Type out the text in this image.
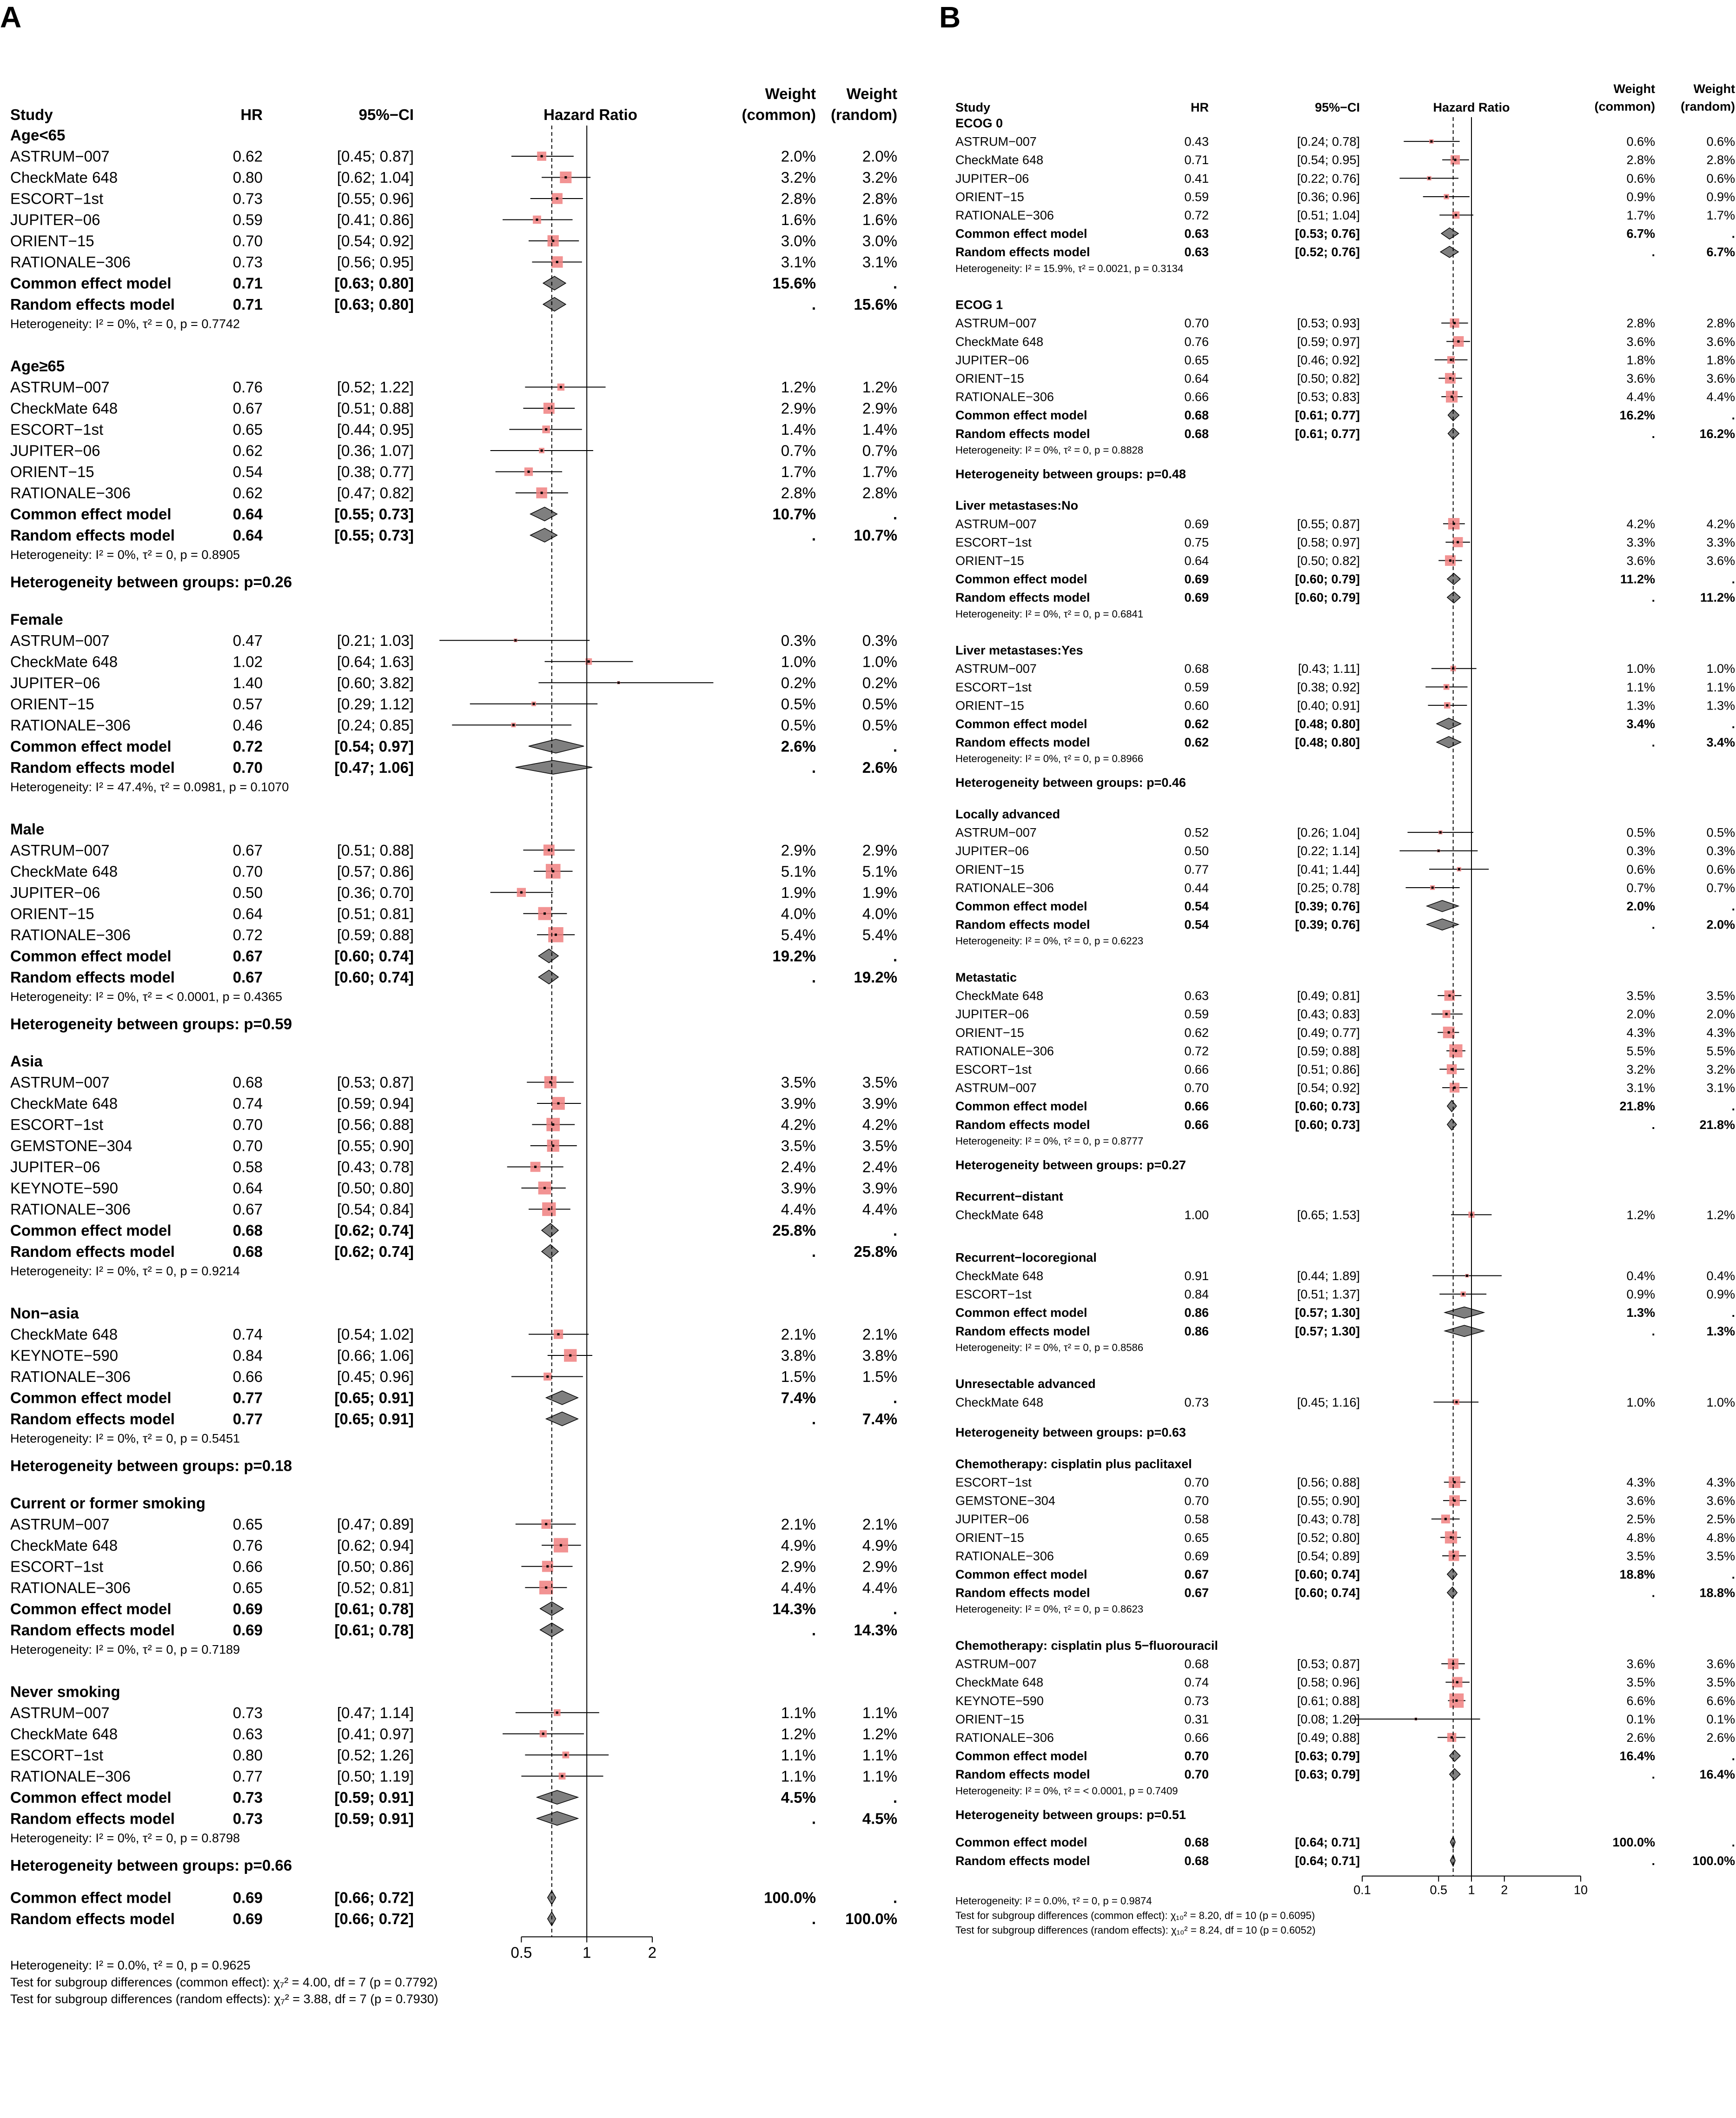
A
Study	HR	95%−CI	Hazard Ratio
Weight
(common)
Weight
(random)
Age<65
ASTRUM−007	0.62	[0.45; 0.87]	2.0%	2.0%
CheckMate 648	0.80	[0.62; 1.04]	3.2%	3.2%
ESCORT−1st	0.73	[0.55; 0.96]	2.8%	2.8%
JUPITER−06	0.59	[0.41; 0.86]	1.6%	1.6%
ORIENT−15	0.70	[0.54; 0.92]	3.0%	3.0%
RATIONALE−306	0.73	[0.56; 0.95]	3.1%	3.1%
Common effect model	0.71	[0.63; 0.80]	15.6%	.
Random effects model	0.71	[0.63; 0.80]	. 15.6%
Heterogeneity: I² = 0%, τ² = 0, p = 0.7742
Age≥65
ASTRUM−007	0.76	[0.52; 1.22]	1.2%	1.2%
CheckMate 648	0.67	[0.51; 0.88]	2.9%	2.9%
ESCORT−1st	0.65	[0.44; 0.95]	1.4%	1.4%
JUPITER−06	0.62	[0.36; 1.07]	0.7%	0.7%
ORIENT−15	0.54	[0.38; 0.77]	1.7%	1.7%
RATIONALE−306	0.62	[0.47; 0.82]	2.8%	2.8%
Common effect model	0.64	[0.55; 0.73]	10.7%	.
Random effects model	0.64	[0.55; 0.73]	. 10.7%
Heterogeneity: I² = 0%, τ² = 0, p = 0.8905
Heterogeneity between groups: p=0.26
Female
ASTRUM−007	0.47	[0.21; 1.03]	0.3%	0.3%
CheckMate 648	1.02	[0.64; 1.63]	1.0%	1.0%
JUPITER−06	1.40	[0.60; 3.82]	0.2%	0.2%
ORIENT−15	0.57	[0.29; 1.12]	0.5%	0.5%
RATIONALE−306	0.46	[0.24; 0.85]	0.5%	0.5%
Common effect model	0.72	[0.54; 0.97]	2.6%	.
Random effects model	0.70	[0.47; 1.06]	.	2.6%
Heterogeneity: I² = 47.4%, τ² = 0.0981, p = 0.1070
Male
ASTRUM−007	0.67	[0.51; 0.88]	2.9%	2.9%
CheckMate 648	0.70	[0.57; 0.86]	5.1%	5.1%
JUPITER−06	0.50	[0.36; 0.70]	1.9%	1.9%
ORIENT−15	0.64	[0.51; 0.81]	4.0%	4.0%
RATIONALE−306	0.72	[0.59; 0.88]	5.4%	5.4%
Common effect model	0.67	[0.60; 0.74]	19.2%	.
Random effects model	0.67	[0.60; 0.74]	. 19.2%
Heterogeneity: I² = 0%, τ² = < 0.0001, p = 0.4365
Heterogeneity between groups: p=0.59
Asia
ASTRUM−007	0.68	[0.53; 0.87]	3.5%	3.5%
CheckMate 648	0.74	[0.59; 0.94]	3.9%	3.9%
ESCORT−1st	0.70	[0.56; 0.88]	4.2%	4.2%
GEMSTONE−304	0.70	[0.55; 0.90]	3.5%	3.5%
JUPITER−06	0.58	[0.43; 0.78]	2.4%	2.4%
KEYNOTE−590	0.64	[0.50; 0.80]	3.9%	3.9%
RATIONALE−306	0.67	[0.54; 0.84]	4.4%	4.4%
Common effect model	0.68	[0.62; 0.74]	25.8%	.
Random effects model	0.68	[0.62; 0.74]	. 25.8%
Heterogeneity: I² = 0%, τ² = 0, p = 0.9214
Non−asia
CheckMate 648	0.74	[0.54; 1.02]	2.1%	2.1%
KEYNOTE−590	0.84	[0.66; 1.06]	3.8%	3.8%
RATIONALE−306	0.66	[0.45; 0.96]	1.5%	1.5%
Common effect model	0.77	[0.65; 0.91]	7.4%	.
Random effects model	0.77	[0.65; 0.91]	.	7.4%
Heterogeneity: I² = 0%, τ² = 0, p = 0.5451
Heterogeneity between groups: p=0.18
Current or former smoking
ASTRUM−007	0.65	[0.47; 0.89]	2.1%	2.1%
CheckMate 648	0.76	[0.62; 0.94]	4.9%	4.9%
ESCORT−1st	0.66	[0.50; 0.86]	2.9%	2.9%
RATIONALE−306	0.65	[0.52; 0.81]	4.4%	4.4%
Common effect model	0.69	[0.61; 0.78]	14.3%	.
Random effects model	0.69	[0.61; 0.78]	. 14.3%
Heterogeneity: I² = 0%, τ² = 0, p = 0.7189
Never smoking
ASTRUM−007	0.73	[0.47; 1.14]	1.1%	1.1%
CheckMate 648	0.63	[0.41; 0.97]	1.2%	1.2%
ESCORT−1st	0.80	[0.52; 1.26]	1.1%	1.1%
RATIONALE−306	0.77	[0.50; 1.19]	1.1%	1.1%
Common effect model	0.73	[0.59; 0.91]	4.5%	.
Random effects model	0.73	[0.59; 0.91]	.	4.5%
Heterogeneity: I² = 0%, τ² = 0, p = 0.8798
Heterogeneity between groups: p=0.66
Common effect model	0.69	[0.66; 0.72]	100.0%	.
Random effects model	0.69	[0.66; 0.72]	. 100.0%
0.5	1	2
Heterogeneity: I² = 0.0%, τ² = 0, p = 0.9625
Test for subgroup differences (common effect): χ₇² = 4.00, df = 7 (p = 0.7792)
Test for subgroup differences (random effects): χ₇² = 3.88, df = 7 (p = 0.7930)
B
Study	HR	95%−CI	Hazard Ratio
Weight
(common)
Weight
(random)
ECOG 0
ASTRUM−007	0.43	[0.24; 0.78]	0.6%	0.6%
CheckMate 648	0.71	[0.54; 0.95]	2.8%	2.8%
JUPITER−06	0.41	[0.22; 0.76]	0.6%	0.6%
ORIENT−15	0.59	[0.36; 0.96]	0.9%	0.9%
RATIONALE−306	0.72	[0.51; 1.04]	1.7%	1.7%
Common effect model	0.63	[0.53; 0.76]	6.7%	.
Random effects model	0.63	[0.52; 0.76]	.	6.7%
Heterogeneity: I² = 15.9%, τ² = 0.0021, p = 0.3134
ECOG 1
ASTRUM−007	0.70	[0.53; 0.93]	2.8%	2.8%
CheckMate 648	0.76	[0.59; 0.97]	3.6%	3.6%
JUPITER−06	0.65	[0.46; 0.92]	1.8%	1.8%
ORIENT−15	0.64	[0.50; 0.82]	3.6%	3.6%
RATIONALE−306	0.66	[0.53; 0.83]	4.4%	4.4%
Common effect model	0.68	[0.61; 0.77]	16.2%	.
Random effects model	0.68	[0.61; 0.77]	.	16.2%
Heterogeneity: I² = 0%, τ² = 0, p = 0.8828
Heterogeneity between groups: p=0.48
Liver metastases:No
ASTRUM−007	0.69	[0.55; 0.87]	4.2%	4.2%
ESCORT−1st	0.75	[0.58; 0.97]	3.3%	3.3%
ORIENT−15	0.64	[0.50; 0.82]	3.6%	3.6%
Common effect model	0.69	[0.60; 0.79]	11.2%	.
Random effects model	0.69	[0.60; 0.79]	.	11.2%
Heterogeneity: I² = 0%, τ² = 0, p = 0.6841
Liver metastases:Yes
ASTRUM−007	0.68	[0.43; 1.11]	1.0%	1.0%
ESCORT−1st	0.59	[0.38; 0.92]	1.1%	1.1%
ORIENT−15	0.60	[0.40; 0.91]	1.3%	1.3%
Common effect model	0.62	[0.48; 0.80]	3.4%	.
Random effects model	0.62	[0.48; 0.80]	.	3.4%
Heterogeneity: I² = 0%, τ² = 0, p = 0.8966
Heterogeneity between groups: p=0.46
Locally advanced
ASTRUM−007	0.52	[0.26; 1.04]	0.5%	0.5%
JUPITER−06	0.50	[0.22; 1.14]	0.3%	0.3%
ORIENT−15	0.77	[0.41; 1.44]	0.6%	0.6%
RATIONALE−306	0.44	[0.25; 0.78]	0.7%	0.7%
Common effect model	0.54	[0.39; 0.76]	2.0%	.
Random effects model	0.54	[0.39; 0.76]	.	2.0%
Heterogeneity: I² = 0%, τ² = 0, p = 0.6223
Metastatic
CheckMate 648	0.63	[0.49; 0.81]	3.5%	3.5%
JUPITER−06	0.59	[0.43; 0.83]	2.0%	2.0%
ORIENT−15	0.62	[0.49; 0.77]	4.3%	4.3%
RATIONALE−306	0.72	[0.59; 0.88]	5.5%	5.5%
ESCORT−1st	0.66	[0.51; 0.86]	3.2%	3.2%
ASTRUM−007	0.70	[0.54; 0.92]	3.1%	3.1%
Common effect model	0.66	[0.60; 0.73]	21.8%	.
Random effects model	0.66	[0.60; 0.73]	.	21.8%
Heterogeneity: I² = 0%, τ² = 0, p = 0.8777
Heterogeneity between groups: p=0.27
Recurrent−distant
CheckMate 648	1.00	[0.65; 1.53]	1.2%	1.2%
Recurrent−locoregional
CheckMate 648	0.91	[0.44; 1.89]	0.4%	0.4%
ESCORT−1st	0.84	[0.51; 1.37]	0.9%	0.9%
Common effect model	0.86	[0.57; 1.30]	1.3%	.
Random effects model	0.86	[0.57; 1.30]	.	1.3%
Heterogeneity: I² = 0%, τ² = 0, p = 0.8586
Unresectable advanced
CheckMate 648	0.73	[0.45; 1.16]	1.0%	1.0%
Heterogeneity between groups: p=0.63
Chemotherapy: cisplatin plus paclitaxel
ESCORT−1st	0.70	[0.56; 0.88]	4.3%	4.3%
GEMSTONE−304	0.70	[0.55; 0.90]	3.6%	3.6%
JUPITER−06	0.58	[0.43; 0.78]	2.5%	2.5%
ORIENT−15	0.65	[0.52; 0.80]	4.8%	4.8%
RATIONALE−306	0.69	[0.54; 0.89]	3.5%	3.5%
Common effect model	0.67	[0.60; 0.74]	18.8%	.
Random effects model	0.67	[0.60; 0.74]	.	18.8%
Heterogeneity: I² = 0%, τ² = 0, p = 0.8623
Chemotherapy: cisplatin plus 5−fluorouracil
ASTRUM−007	0.68	[0.53; 0.87]	3.6%	3.6%
CheckMate 648	0.74	[0.58; 0.96]	3.5%	3.5%
KEYNOTE−590	0.73	[0.61; 0.88]	6.6%	6.6%
ORIENT−15	0.31	[0.08; 1.20]	0.1%	0.1%
RATIONALE−306	0.66	[0.49; 0.88]	2.6%	2.6%
Common effect model	0.70	[0.63; 0.79]	16.4%	.
Random effects model	0.70	[0.63; 0.79]	.	16.4%
Heterogeneity: I² = 0%, τ² = < 0.0001, p = 0.7409
Heterogeneity between groups: p=0.51
Common effect model	0.68	[0.64; 0.71]	100.0%	.
Random effects model	0.68	[0.64; 0.71]	.	100.0%
0.1	0.5 1 2	10
Heterogeneity: I² = 0.0%, τ² = 0, p = 0.9874
Test for subgroup differences (common effect): χ₁₀² = 8.20, df = 10 (p = 0.6095)
Test for subgroup differences (random effects): χ₁₀² = 8.24, df = 10 (p = 0.6052)
